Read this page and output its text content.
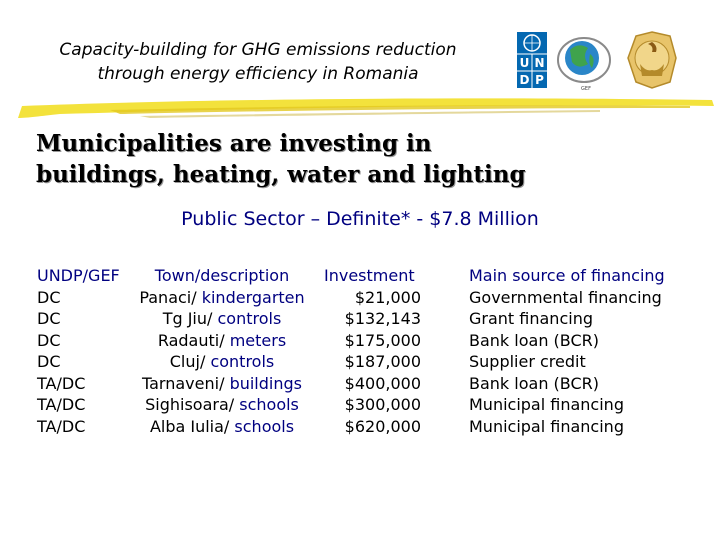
Capacity-building for GHG emissions reduction
through energy efficiency in Romania
U N
D P
GEF
Municipalities are investing in
buildings, heating, water and lighting
Public Sector – Definite* - $7.8 Million
UNDP/GEF
DC
DC
DC
DC
TA/DC
TA/DC
TA/DC
Town/description
Panaci/ kindergarten
Tg Jiu/ controls
Radauti/ meters
Cluj/ controls
Tarnaveni/ buildings
Sighisoara/ schools
Alba Iulia/ schools
Investment
$21,000
$132,143
$175,000
$187,000
$400,000
$300,000
$620,000
Main source of financing
Governmental financing
Grant financing
Bank loan (BCR)
Supplier credit
Bank loan (BCR)
Municipal financing
Municipal financing
